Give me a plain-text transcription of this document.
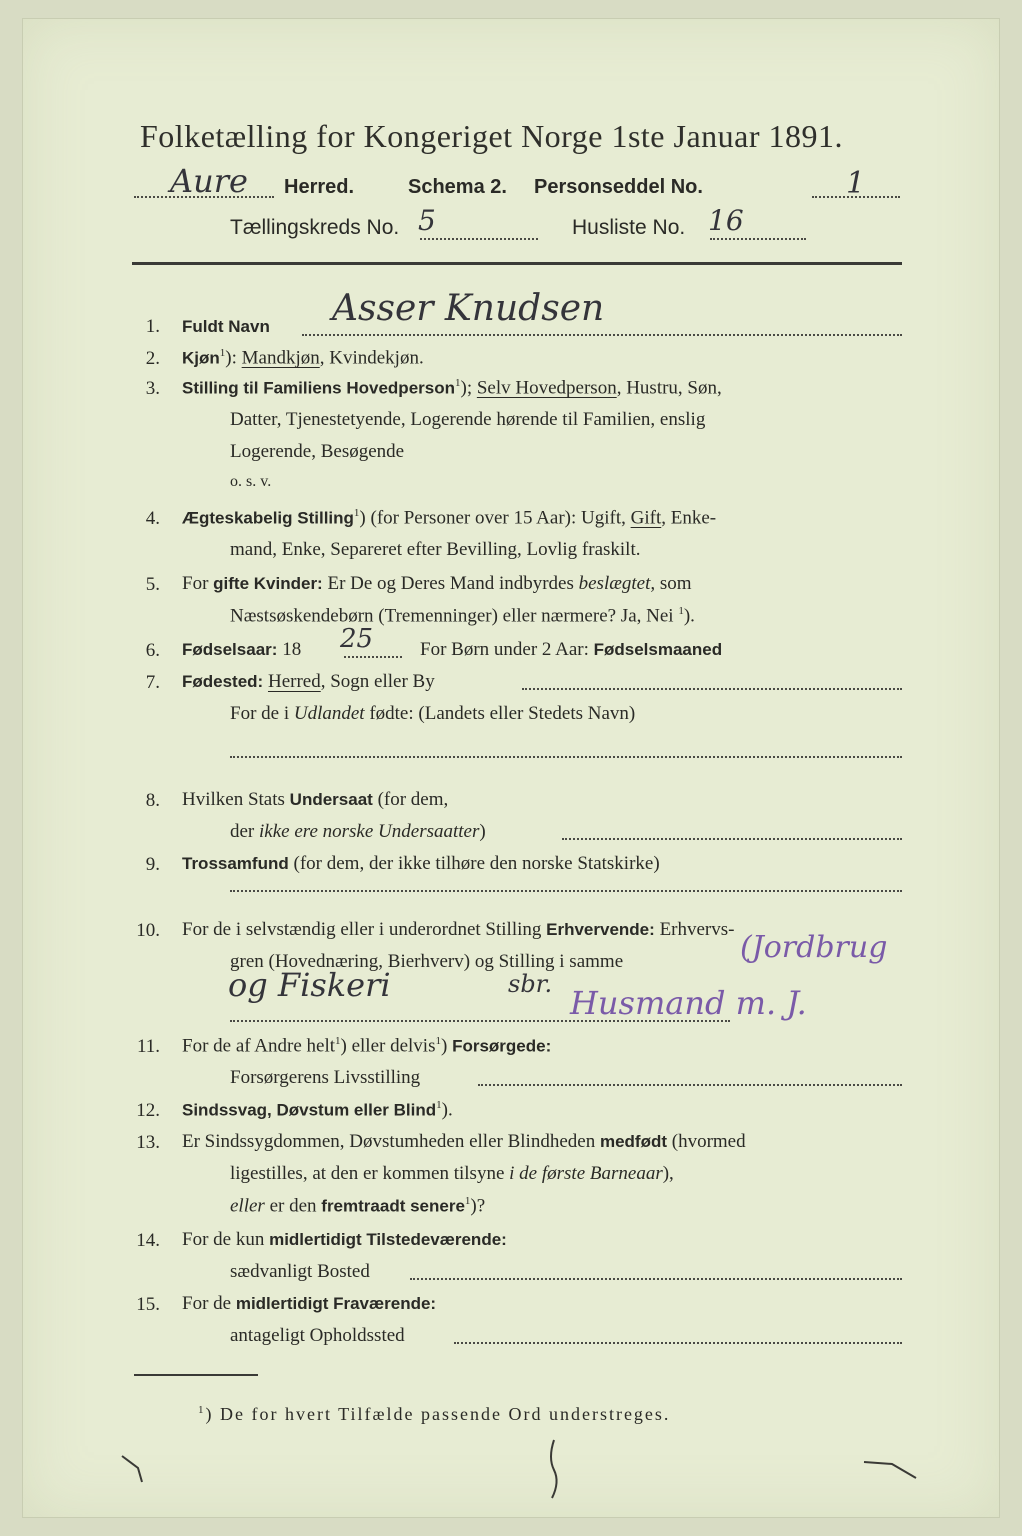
Folketælling for Kongeriget Norge 1ste Januar 1891.
Aure Herred.	Schema 2. Personseddel No.	1
Tællingskreds No. 5	Husliste No. 16
1. Fuldt Navn Asser Knudsen
2. Kjøn$^1$): Mandkjøn, Kvindekjøn.
3. Stilling til Familiens Hovedperson$^1$); Selv Hovedperson, Hustru, Søn,
Datter, Tjenestetyende, Logerende hørende til Familien, enslig
Logerende, Besøgende
o. s. v.
4. Ægteskabelig Stilling$^1$) (for Personer over 15 Aar): Ugift, Gift, Enke-
mand, Enke, Separeret efter Bevilling, Lovlig fraskilt.
5. For gifte Kvinder: Er De og Deres Mand indbyrdes beslægtet, som
Næstsøskendebørn (Tremenninger) eller nærmere? Ja, Nei $^1$).
6. Fødselsaar: 18 25 For Børn under 2 Aar: Fødselsmaaned
7. Fødested: Herred, Sogn eller By
For de i Udlandet fødte: (Landets eller Stedets Navn)
8. Hvilken Stats Undersaat (for dem,
der ikke ere norske Undersaatter)
9. Trossamfund (for dem, der ikke tilhøre den norske Statskirke)
10. For de i selvstændig eller i underordnet Stilling Erhvervende: Erhvervs-
gren (Hovednæring, Bierhverv) og Stilling i samme	(Jordbrug
og Fiskeri	sbr. Husmand m. J.
11. For de af Andre helt$^1$) eller delvis$^1$) Forsørgede:
Forsørgerens Livsstilling
12. Sindssvag, Døvstum eller Blind$^1$).
13. Er Sindssygdommen, Døvstumheden eller Blindheden medfødt (hvormed
ligestilles, at den er kommen tilsyne i de første Barneaar),
eller er den fremtraadt senere$^1$)?
14. For de kun midlertidigt Tilstedeværende:
sædvanligt Bosted
15. For de midlertidigt Fraværende:
antageligt Opholdssted
$^1$) De for hvert Tilfælde passende Ord understreges.
